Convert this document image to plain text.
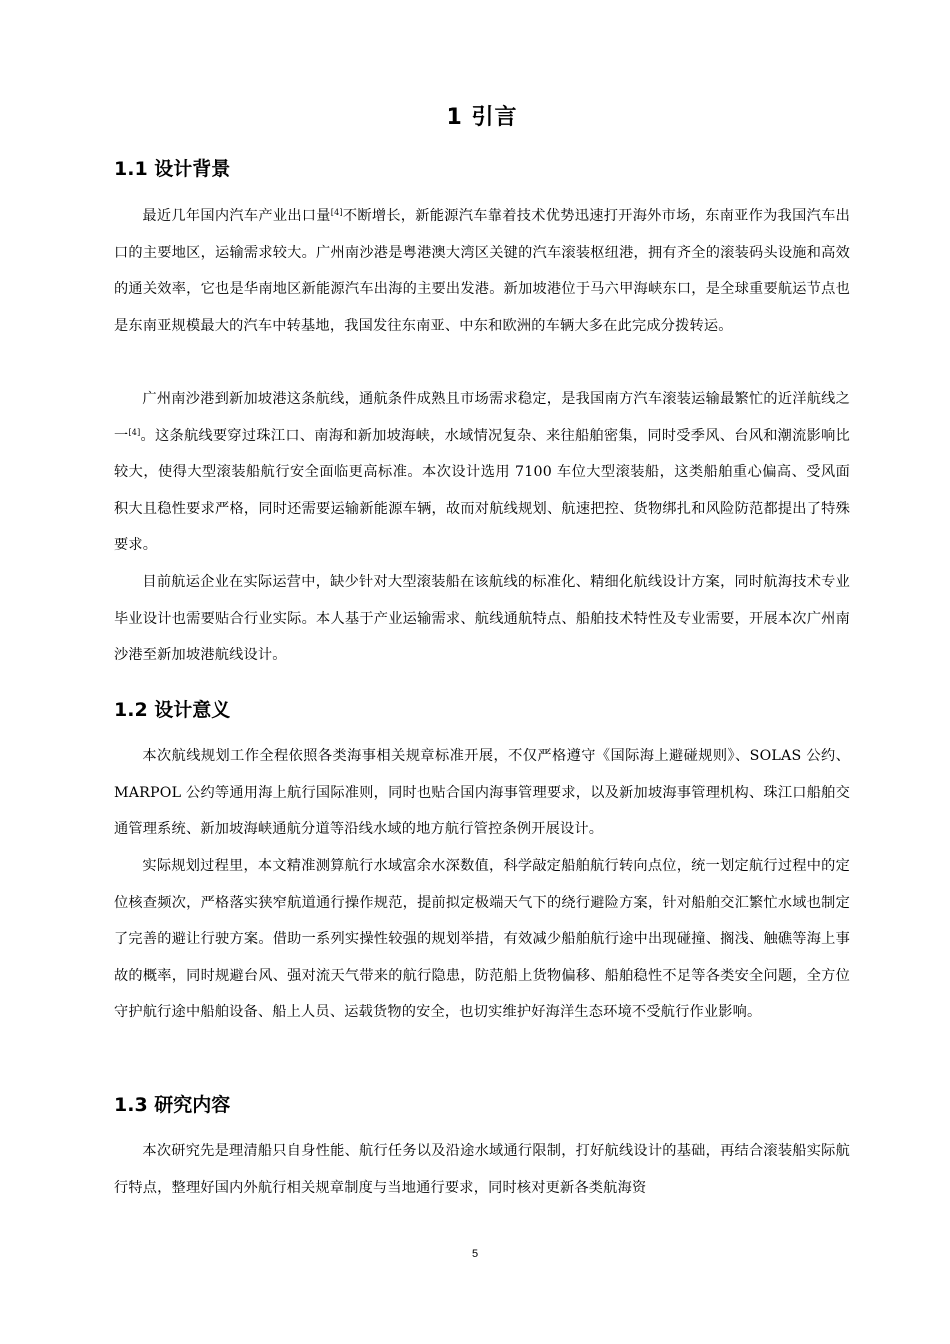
1 引言
1.1 设计背景

最近几年国内汽车产业出口量[4]不断增长，新能源汽车靠着技术优势迅速打开海外市场，东南亚作为我国汽车出口的主要地区，运输需求较大。广州南沙港是粤港澳大湾区关键的汽车滚装枢纽港，拥有齐全的滚装码头设施和高效的通关效率，它也是华南地区新能源汽车出海的主要出发港。新加坡港位于马六甲海峡东口，是全球重要航运节点也是东南亚规模最大的汽车中转基地，我国发往东南亚、中东和欧洲的车辆大多在此完成分拨转运。

广州南沙港到新加坡港这条航线，通航条件成熟且市场需求稳定，是我国南方汽车滚装运输最繁忙的近洋航线之一[4]。这条航线要穿过珠江口、南海和新加坡海峡，水域情况复杂、来往船舶密集，同时受季风、台风和潮流影响比较大，使得大型滚装船航行安全面临更高标准。本次设计选用 7100 车位大型滚装船，这类船舶重心偏高、受风面积大且稳性要求严格，同时还需要运输新能源车辆，故而对航线规划、航速把控、货物绑扎和风险防范都提出了特殊要求。

目前航运企业在实际运营中，缺少针对大型滚装船在该航线的标准化、精细化航线设计方案，同时航海技术专业毕业设计也需要贴合行业实际。本人基于产业运输需求、航线通航特点、船舶技术特性及专业需要，开展本次广州南沙港至新加坡港航线设计。

1.2 设计意义

本次航线规划工作全程依照各类海事相关规章标准开展，不仅严格遵守《国际海上避碰规则》、SOLAS 公约、MARPOL 公约等通用海上航行国际准则，同时也贴合国内海事管理要求，以及新加坡海事管理机构、珠江口船舶交通管理系统、新加坡海峡通航分道等沿线水域的地方航行管控条例开展设计。

实际规划过程里，本文精准测算航行水域富余水深数值，科学敲定船舶航行转向点位，统一划定航行过程中的定位核查频次，严格落实狭窄航道通行操作规范，提前拟定极端天气下的绕行避险方案，针对船舶交汇繁忙水域也制定了完善的避让行驶方案。借助一系列实操性较强的规划举措，有效减少船舶航行途中出现碰撞、搁浅、触礁等海上事故的概率，同时规避台风、强对流天气带来的航行隐患，防范船上货物偏移、船舶稳性不足等各类安全问题，全方位守护航行途中船舶设备、船上人员、运载货物的安全，也切实维护好海洋生态环境不受航行作业影响。

1.3 研究内容

本次研究先是理清船只自身性能、航行任务以及沿途水域通行限制，打好航线设计的基础，再结合滚装船实际航行特点，整理好国内外航行相关规章制度与当地通行要求，同时核对更新各类航海资

5
